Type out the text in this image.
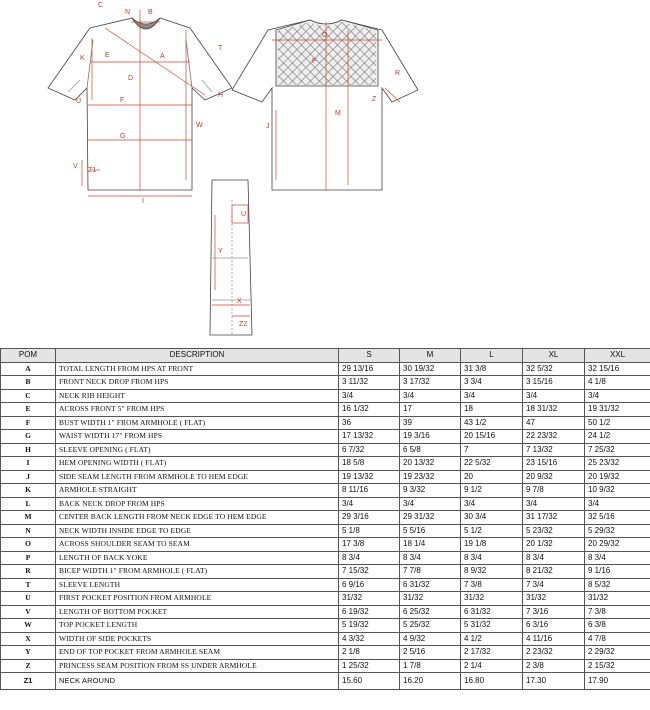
C
N	B
K	E	A
T
D
U	F
H
W
G
V
Z1
I
P
O
M
R
Z
J
U
Y
X
Z2
POM	DESCRIPTION	S	M	L	XL	XXL
A	TOTAL LENGTH FROM HPS AT FRONT	29 13/16	30 19/32	31 3/8	32 5/32	32 15/16
B	FRONT NECK DROP FROM HPS	3 11/32	3 17/32	3 3/4	3 15/16	4 1/8
C	NECK RIB HEIGHT	3/4	3/4	3/4	3/4	3/4
E	ACROSS FRONT 5" FROM HPS	16 1/32	17	18	18 31/32	19 31/32
F	BUST WIDTH 1" FROM ARMHOLE ( FLAT)	36	39	43 1/2	47	50 1/2
G	WAIST WIDTH 17" FROM HPS	17 13/32	19 3/16	20 15/16	22 23/32	24 1/2
H	SLEEVE OPENING ( FLAT)	6 7/32	6 5/8	7	7 13/32	7 25/32
I	HEM OPENING WIDTH ( FLAT)	18 5/8	20 13/32	22 5/32	23 15/16	25 23/32
J	SIDE SEAM LENGTH FROM ARMHOLE TO HEM EDGE	19 13/32	19 23/32	20	20 9/32	20 19/32
K	ARMHOLE STRAIGHT	8 11/16	9 3/32	9 1/2	9 7/8	10 9/32
L	BACK NECK DROP FROM HPS	3/4	3/4	3/4	3/4	3/4
M	CENTER BACK LENGTH FROM NECK EDGE TO HEM EDGE	29 3/16	29 31/32	30 3/4	31 17/32	32 5/16
N	NECK WIDTH INSIDE EDGE TO EDGE	5 1/8	5 5/16	5 1/2	5 23/32	5 29/32
O	ACROSS SHOULDER SEAM TO SEAM	17 3/8	18 1/4	19 1/8	20 1/32	20 29/32
P	LENGTH OF BACK YOKE	8 3/4	8 3/4	8 3/4	8 3/4	8 3/4
R	BICEP WIDTH 1" FROM ARMHOLE ( FLAT)	7 15/32	7 7/8	8 9/32	8 21/32	9 1/16
T	SLEEVE LENGTH	6 9/16	6 31/32	7 3/8	7 3/4	8 5/32
U	FIRST POCKET POSITION FROM ARMHOLE	31/32	31/32	31/32	31/32	31/32
V	LENGTH OF BOTTOM POCKET	6 19/32	6 25/32	6 31/32	7 3/16	7 3/8
W	TOP POCKET LENGTH	5 19/32	5 25/32	5 31/32	6 3/16	6 3/8
X	WIDTH OF SIDE POCKETS	4 3/32	4 9/32	4 1/2	4 11/16	4 7/8
Y	END OF TOP POCKET FROM ARMHOLE SEAM	2 1/8	2 5/16	2 17/32	2 23/32	2 29/32
Z	PRINCESS SEAM POSITION FROM SS UNDER ARMHOLE	1 25/32	1 7/8	2 1/4	2 3/8	2 15/32
Z1	NECK AROUND	15.60	16.20	16.80	17.30	17.90
